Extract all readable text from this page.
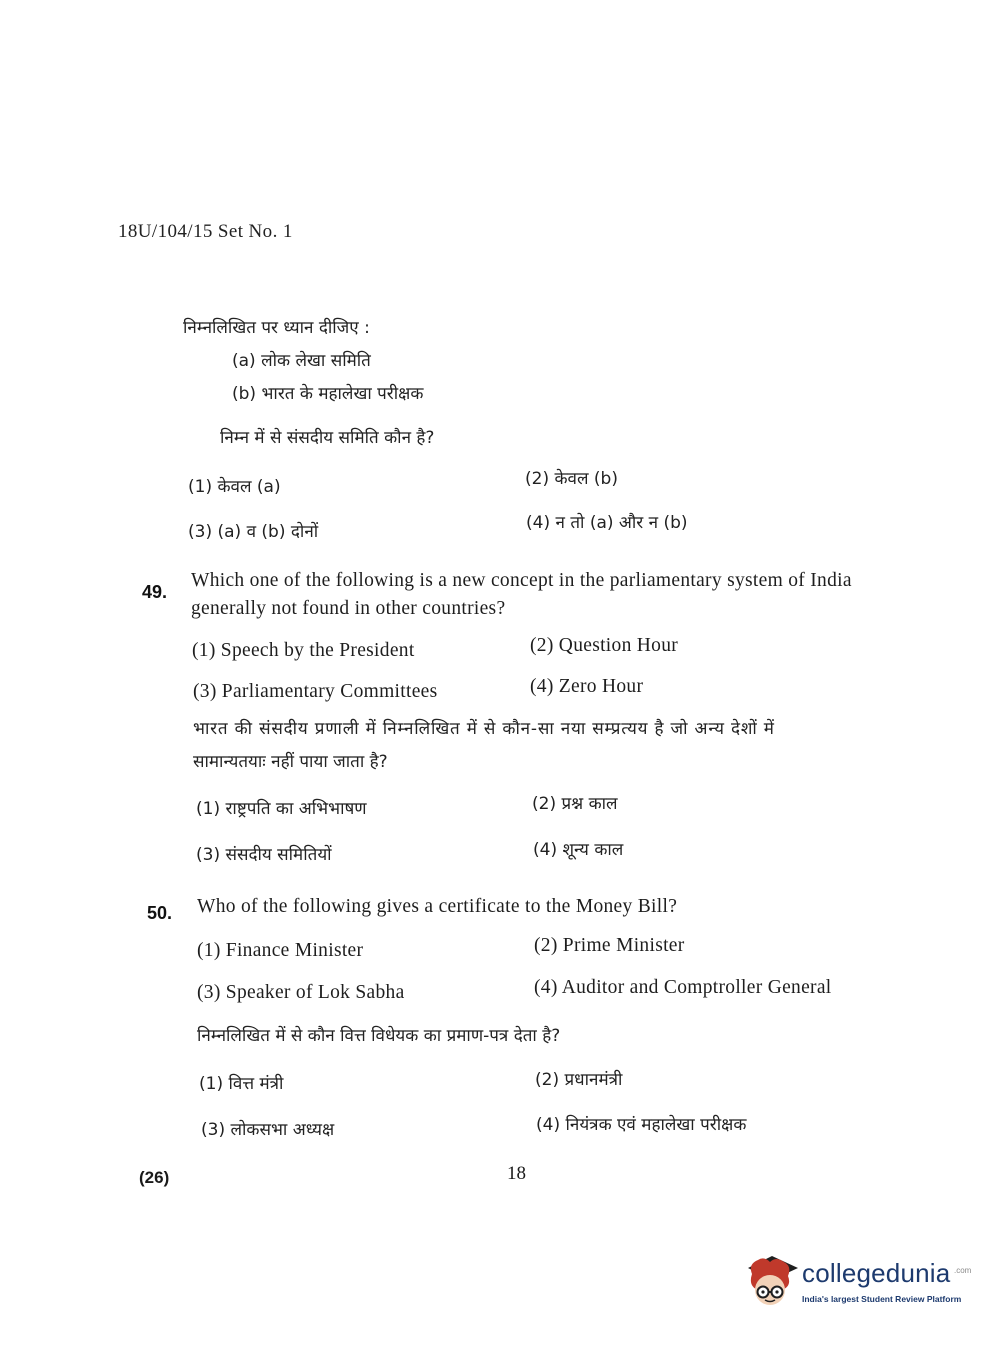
18U/104/15 Set No. 1
निम्नलिखित पर ध्यान दीजिए :
(a) लोक लेखा समिति
(b) भारत के महालेखा परीक्षक
निम्न में से संसदीय समिति कौन है?
(1) केवल (a)	(2) केवल (b)
(3) (a) व (b) दोनों	(4) न तो (a) और न (b)
49.
Which one of the following is a new concept in the parliamentary system of India
generally not found in other countries?
(1) Speech by the President	(2) Question Hour
(3) Parliamentary Committees	(4) Zero Hour
भारत की संसदीय प्रणाली में निम्नलिखित में से कौन-सा नया सम्प्रत्यय है जो अन्य देशों में
सामान्यतयाः नहीं पाया जाता है?
(1) राष्ट्रपति का अभिभाषण	(2) प्रश्न काल
(3) संसदीय समितियों	(4) शून्य काल
50. Who of the following gives a certificate to the Money Bill?
(1) Finance Minister	(2) Prime Minister
(3) Speaker of Lok Sabha	(4) Auditor and Comptroller General
निम्नलिखित में से कौन वित्त विधेयक का प्रमाण-पत्र देता है?
(1) वित्त मंत्री	(2) प्रधानमंत्री
(3) लोकसभा अध्यक्ष	(4) नियंत्रक एवं महालेखा परीक्षक
(26)	18
collegedunia .com
India's largest Student Review Platform
